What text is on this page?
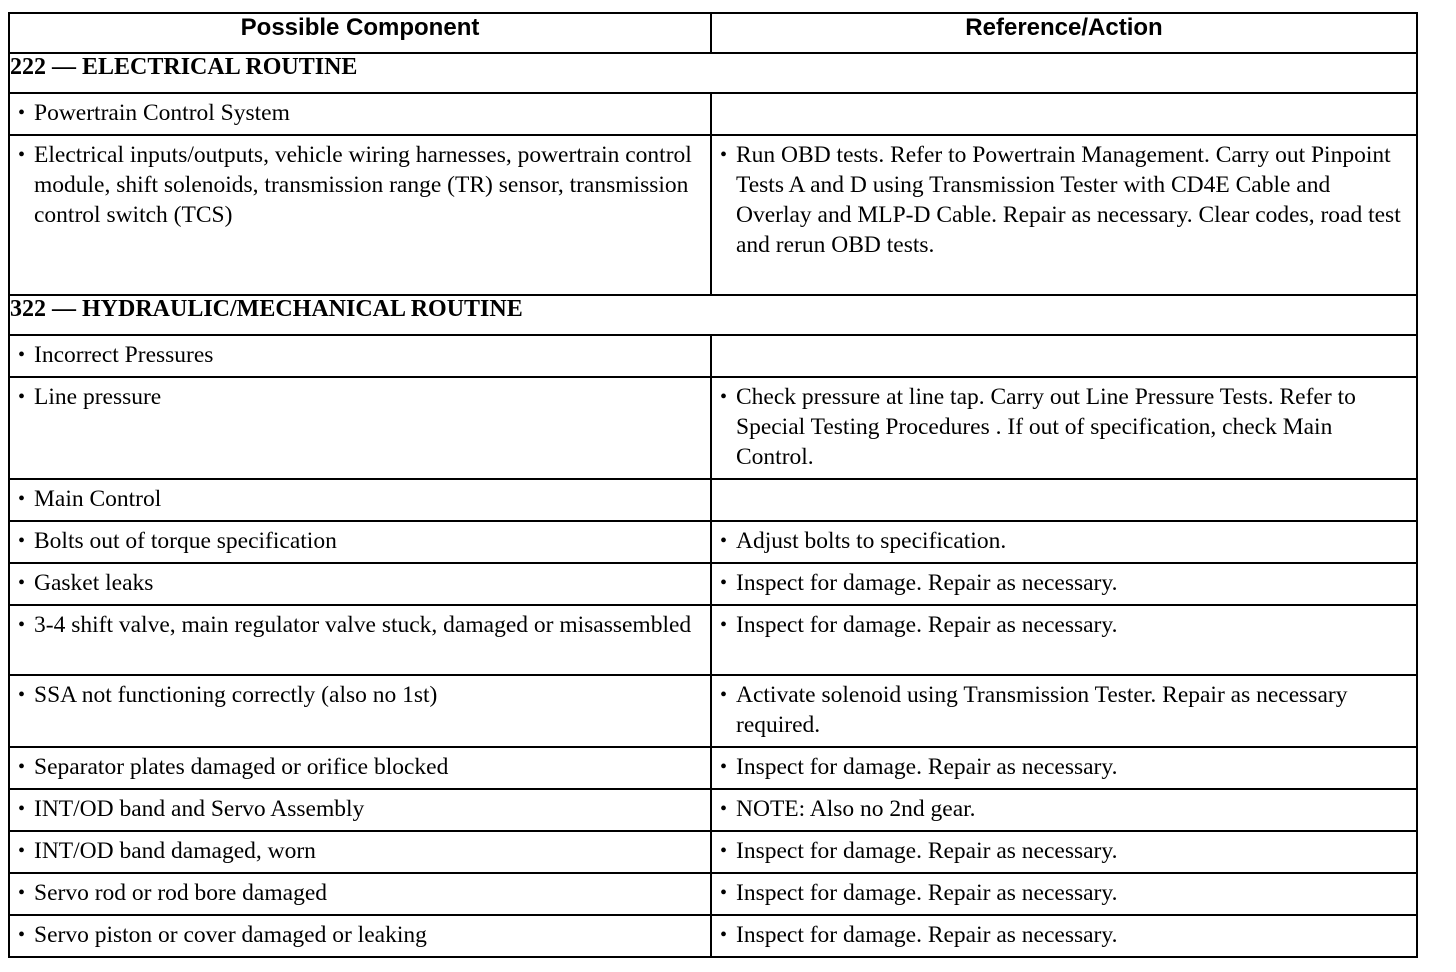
Possible Component	Reference/Action
222 — ELECTRICAL ROUTINE	

• Powertrain Control System	

• Electrical inputs/outputs, vehicle wiring harnesses, powertrain control module, shift solenoids, transmission range (TR) sensor, transmission control switch (TCS)	• Run OBD tests. Refer to Powertrain Management. Carry out Pinpoint Tests A and D using Transmission Tester with CD4E Cable and Overlay and MLP-D Cable. Repair as necessary. Clear codes, road test and rerun OBD tests.

322 — HYDRAULIC/MECHANICAL ROUTINE	

• Incorrect Pressures	

• Line pressure	• Check pressure at line tap. Carry out Line Pressure Tests. Refer to Special Testing Procedures . If out of specification, check Main Control.

• Main Control	

• Bolts out of torque specification	• Adjust bolts to specification.

• Gasket leaks	• Inspect for damage. Repair as necessary.

• 3-4 shift valve, main regulator valve stuck, damaged or misassembled	• Inspect for damage. Repair as necessary.

• SSA not functioning correctly (also no 1st)	• Activate solenoid using Transmission Tester. Repair as necessary required.

• Separator plates damaged or orifice blocked	• Inspect for damage. Repair as necessary.

• INT/OD band and Servo Assembly	• NOTE: Also no 2nd gear.

• INT/OD band damaged, worn	• Inspect for damage. Repair as necessary.

• Servo rod or rod bore damaged	• Inspect for damage. Repair as necessary.

• Servo piston or cover damaged or leaking	• Inspect for damage. Repair as necessary.
